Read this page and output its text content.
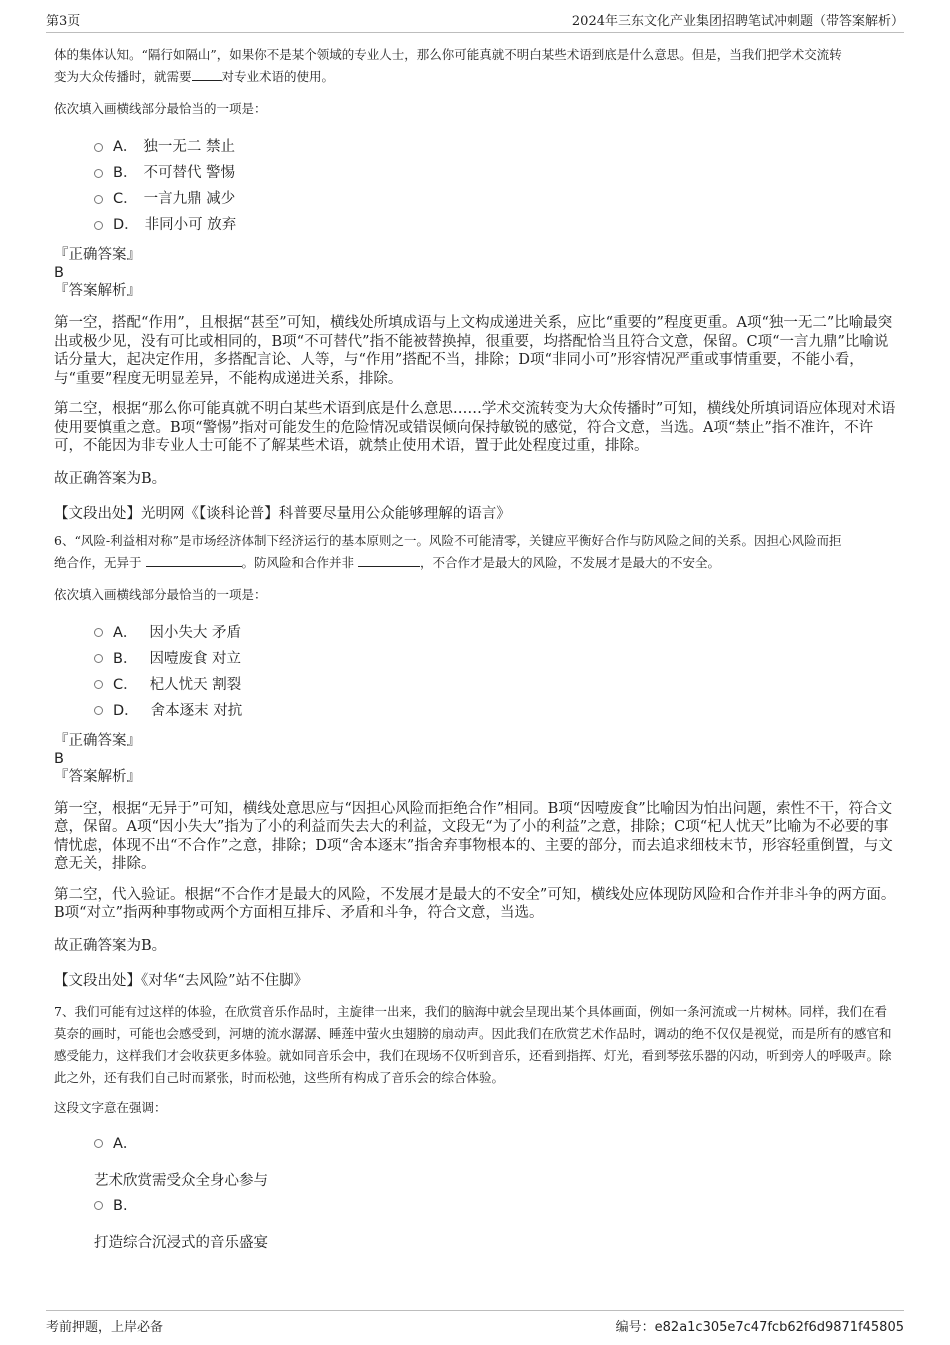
第3页	2024年三东文化产业集团招聘笔试冲刺题（带答案解析）

体的集体认知。“隔行如隔山”，如果你不是某个领域的专业人士，那么你可能真就不明白某些术语到底是什么意思。但是，当我们把学术交流转
变为大众传播时，就需要 对专业术语的使用。

依次填入画横线部分最恰当的一项是：

A． 独一无二 禁止
B． 不可替代 警惕
C． 一言九鼎 减少
D． 非同小可 放弃

『正确答案』

B

『答案解析』

第一空，搭配“作用”，且根据“甚至”可知，横线处所填成语与上文构成递进关系，应比“重要的”程度更重。A项“独一无二”比喻最突出或极少见，没有可比或相同的，B项“不可替代”指不能被替换掉，很重要，均搭配恰当且符合文意，保留。C项“一言九鼎”比喻说话分量大，起决定作用，多搭配言论、人等，与“作用”搭配不当，排除；D项“非同小可”形容情况严重或事情重要，不能小看，与“重要”程度无明显差异，不能构成递进关系，排除。

第二空，根据“那么你可能真就不明白某些术语到底是什么意思……学术交流转变为大众传播时”可知，横线处所填词语应体现对术语使用要慎重之意。B项“警惕”指对可能发生的危险情况或错误倾向保持敏锐的感觉，符合文意，当选。A项“禁止”指不准许，不许可，不能因为非专业人士可能不了解某些术语，就禁止使用术语，置于此处程度过重，排除。

故正确答案为B。

【文段出处】光明网《【谈科论普】科普要尽量用公众能够理解的语言》

6、“风险-利益相对称”是市场经济体制下经济运行的基本原则之一。风险不可能清零，关键应平衡好合作与防风险之间的关系。因担心风险而拒
绝合作，无异于	。防风险和合作并非	，不合作才是最大的风险，不发展才是最大的不安全。

依次填入画横线部分最恰当的一项是：

A． 因小失大 矛盾
B． 因噎废食 对立
C． 杞人忧天 割裂
D． 舍本逐末 对抗

『正确答案』

B

『答案解析』

第一空，根据“无异于”可知，横线处意思应与“因担心风险而拒绝合作”相同。B项“因噎废食”比喻因为怕出问题，索性不干，符合文意，保留。A项“因小失大”指为了小的利益而失去大的利益，文段无“为了小的利益”之意，排除；C项“杞人忧天”比喻为不必要的事情忧虑，体现不出“不合作”之意，排除；D项“舍本逐末”指舍弃事物根本的、主要的部分，而去追求细枝末节，形容轻重倒置，与文意无关，排除。

第二空，代入验证。根据“不合作才是最大的风险，不发展才是最大的不安全”可知，横线处应体现防风险和合作并非斗争的两方面。B项“对立”指两种事物或两个方面相互排斥、矛盾和斗争，符合文意，当选。

故正确答案为B。

【文段出处】《对华“去风险”站不住脚》

7、我们可能有过这样的体验，在欣赏音乐作品时，主旋律一出来，我们的脑海中就会呈现出某个具体画面，例如一条河流或一片树林。同样，我们在看莫奈的画时，可能也会感受到，河塘的流水潺潺、睡莲中萤火虫翅膀的扇动声。因此我们在欣赏艺术作品时，调动的绝不仅仅是视觉，而是所有的感官和感受能力，这样我们才会收获更多体验。就如同音乐会中，我们在现场不仅听到音乐，还看到指挥、灯光，看到琴弦乐器的闪动，听到旁人的呼吸声。除此之外，还有我们自己时而紧张，时而松弛，这些所有构成了音乐会的综合体验。

这段文字意在强调：

A．

艺术欣赏需受众全身心参与

B.

打造综合沉浸式的音乐盛宴

考前押题，上岸必备	编号：e82a1c305e7c47fcb62f6d9871f45805
